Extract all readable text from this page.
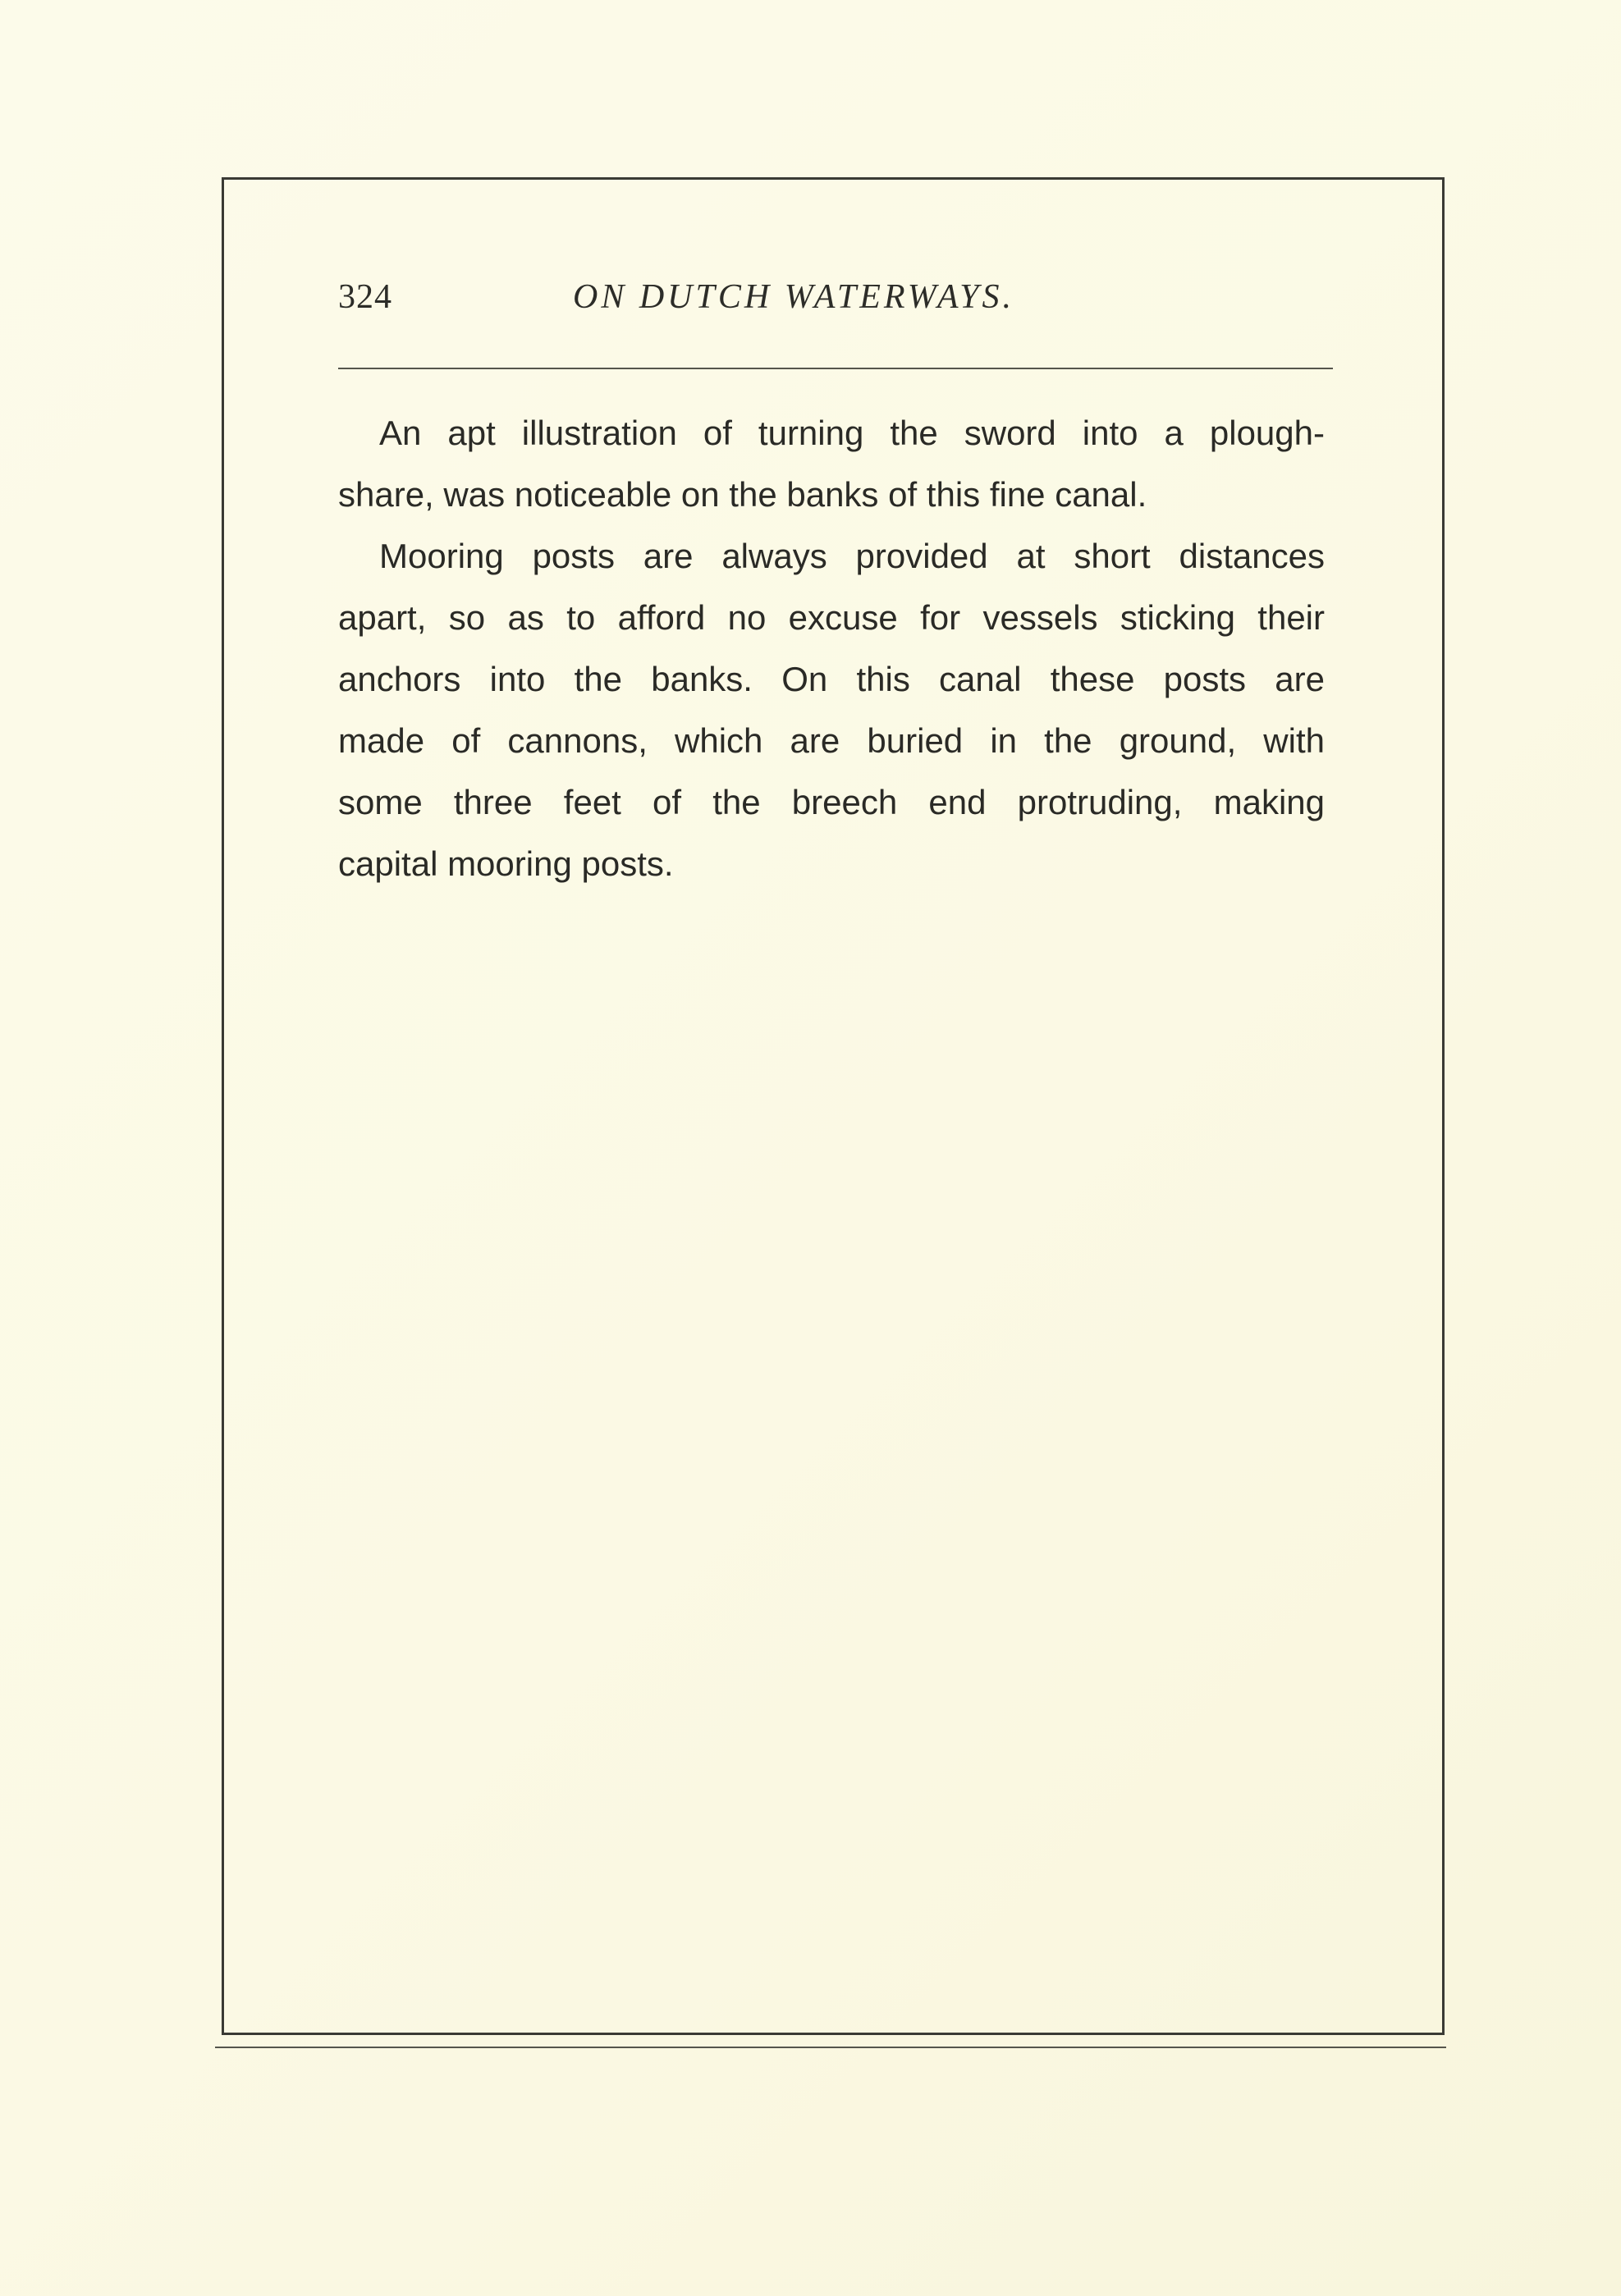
324	ON DUTCH WATERWAYS.
An apt illustration of turning the sword into a plough-
share, was noticeable on the banks of this fine canal.
Mooring posts are always provided at short distances
apart, so as to afford no excuse for vessels sticking their
anchors into the banks. On this canal these posts are
made of cannons, which are buried in the ground, with
some three feet of the breech end protruding, making
capital mooring posts.
